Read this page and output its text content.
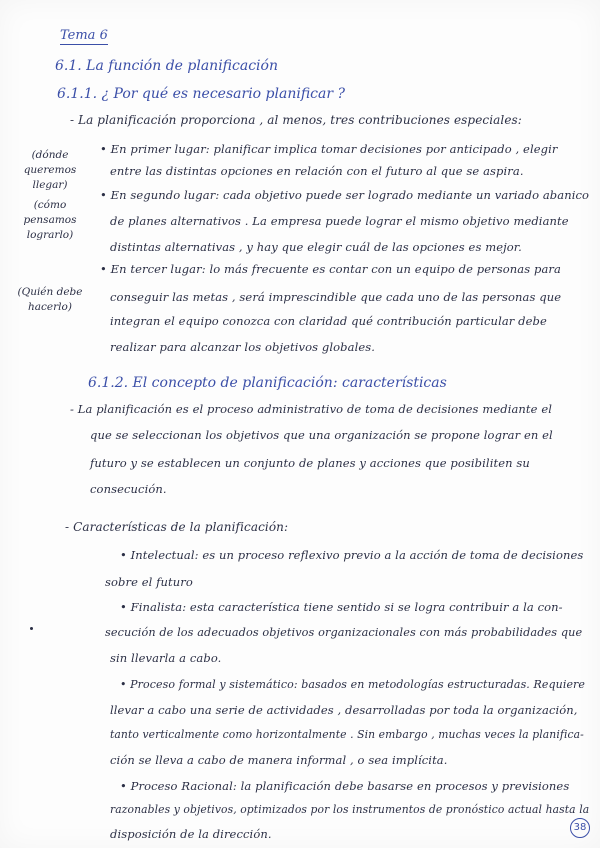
Tema 6
6.1. La función de planificación
6.1.1. ¿ Por qué es necesario planificar ?
- La planificación proporciona , al menos, tres contribuciones especiales:
(dónde queremos llegar)
• En primer lugar: planificar implica tomar decisiones por anticipado , elegir
entre las distintas opciones en relación con el futuro al que se aspira.
(cómo pensamos lograrlo)
• En segundo lugar: cada objetivo puede ser logrado mediante un variado abanico
de planes alternativos . La empresa puede lograr el mismo objetivo mediante
distintas alternativas , y hay que elegir cuál de las opciones es mejor.
(Quién debe hacerlo)
• En tercer lugar: lo más frecuente es contar con un equipo de personas para
conseguir las metas , será imprescindible que cada uno de las personas que
integran el equipo conozca con claridad qué contribución particular debe
realizar para alcanzar los objetivos globales.
6.1.2. El concepto de planificación: características
- La planificación es el proceso administrativo de toma de decisiones mediante el
que se seleccionan los objetivos que una organización se propone lograr en el
futuro y se establecen un conjunto de planes y acciones que posibiliten su
consecución.
- Características de la planificación:
• Intelectual: es un proceso reflexivo previo a la acción de toma de decisiones
sobre el futuro
• Finalista: esta característica tiene sentido si se logra contribuir a la con-
secución de los adecuados objetivos organizacionales con más probabilidades que
sin llevarla a cabo.
• Proceso formal y sistemático: basados en metodologías estructuradas. Requiere
llevar a cabo una serie de actividades , desarrolladas por toda la organización,
tanto verticalmente como horizontalmente . Sin embargo , muchas veces la planifica-
ción se lleva a cabo de manera informal , o sea implícita.
• Proceso Racional: la planificación debe basarse en procesos y previsiones
razonables y objetivos, optimizados por los instrumentos de pronóstico actual hasta la
disposición de la dirección.	38
